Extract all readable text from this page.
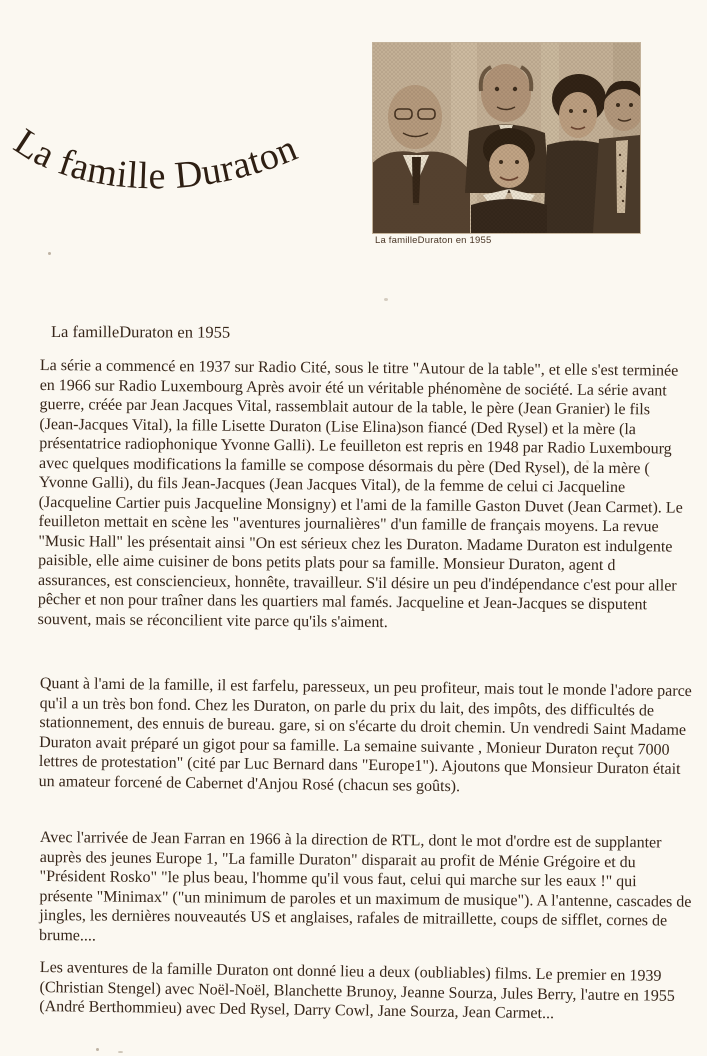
La famille Duraton
La familleDuraton en 1955
La familleDuraton en 1955
La série a commencé en 1937 sur Radio Cité, sous le titre "Autour de la table", et elle s'est terminée en 1966 sur Radio Luxembourg Après avoir été un véritable phénomène de société. La série avant guerre, créée par Jean Jacques Vital, rassemblait autour de la table, le père (Jean Granier) le fils (Jean-Jacques Vital), la fille Lisette Duraton (Lise Elina)son fiancé (Ded Rysel) et la mère (la présentatrice radiophonique Yvonne Galli). Le feuilleton est repris en 1948 par Radio Luxembourg avec quelques modifications la famille se compose désormais du père (Ded Rysel), de la mère ( Yvonne Galli), du fils Jean-Jacques (Jean Jacques Vital), de la femme de celui ci Jacqueline (Jacqueline Cartier puis Jacqueline Monsigny) et l'ami de la famille Gaston Duvet (Jean Carmet). Le feuilleton mettait en scène les "aventures journalières" d'un famille de français moyens. La revue "Music Hall" les présentait ainsi "On est sérieux chez les Duraton. Madame Duraton est indulgente paisible, elle aime cuisiner de bons petits plats pour sa famille. Monsieur Duraton, agent d assurances, est consciencieux, honnête, travailleur. S'il désire un peu d'indépendance c'est pour aller pêcher et non pour traîner dans les quartiers mal famés. Jacqueline et Jean-Jacques se disputent souvent, mais se réconcilient vite parce qu'ils s'aiment.
Quant à l'ami de la famille, il est farfelu, paresseux, un peu profiteur, mais tout le monde l'adore parce qu'il a un très bon fond. Chez les Duraton, on parle du prix du lait, des impôts, des difficultés de stationnement, des ennuis de bureau. gare, si on s'écarte du droit chemin. Un vendredi Saint Madame Duraton avait préparé un gigot pour sa famille. La semaine suivante , Monieur Duraton reçut 7000 lettres de protestation" (cité par Luc Bernard dans "Europe1"). Ajoutons que Monsieur Duraton était un amateur forcené de Cabernet d'Anjou Rosé (chacun ses goûts).
Avec l'arrivée de Jean Farran en 1966 à la direction de RTL, dont le mot d'ordre est de supplanter auprès des jeunes Europe 1, "La famille Duraton" disparait au profit de Ménie Grégoire et du "Président Rosko" "le plus beau, l'homme qu'il vous faut, celui qui marche sur les eaux !" qui présente "Minimax" ("un minimum de paroles et un maximum de musique"). A l'antenne, cascades de jingles, les dernières nouveautés US et anglaises, rafales de mitraillette, coups de sifflet, cornes de brume....
Les aventures de la famille Duraton ont donné lieu a deux (oubliables) films. Le premier en 1939 (Christian Stengel) avec Noël-Noël, Blanchette Brunoy, Jeanne Sourza, Jules Berry, l'autre en 1955 (André Berthommieu) avec Ded Rysel, Darry Cowl, Jane Sourza, Jean Carmet...
